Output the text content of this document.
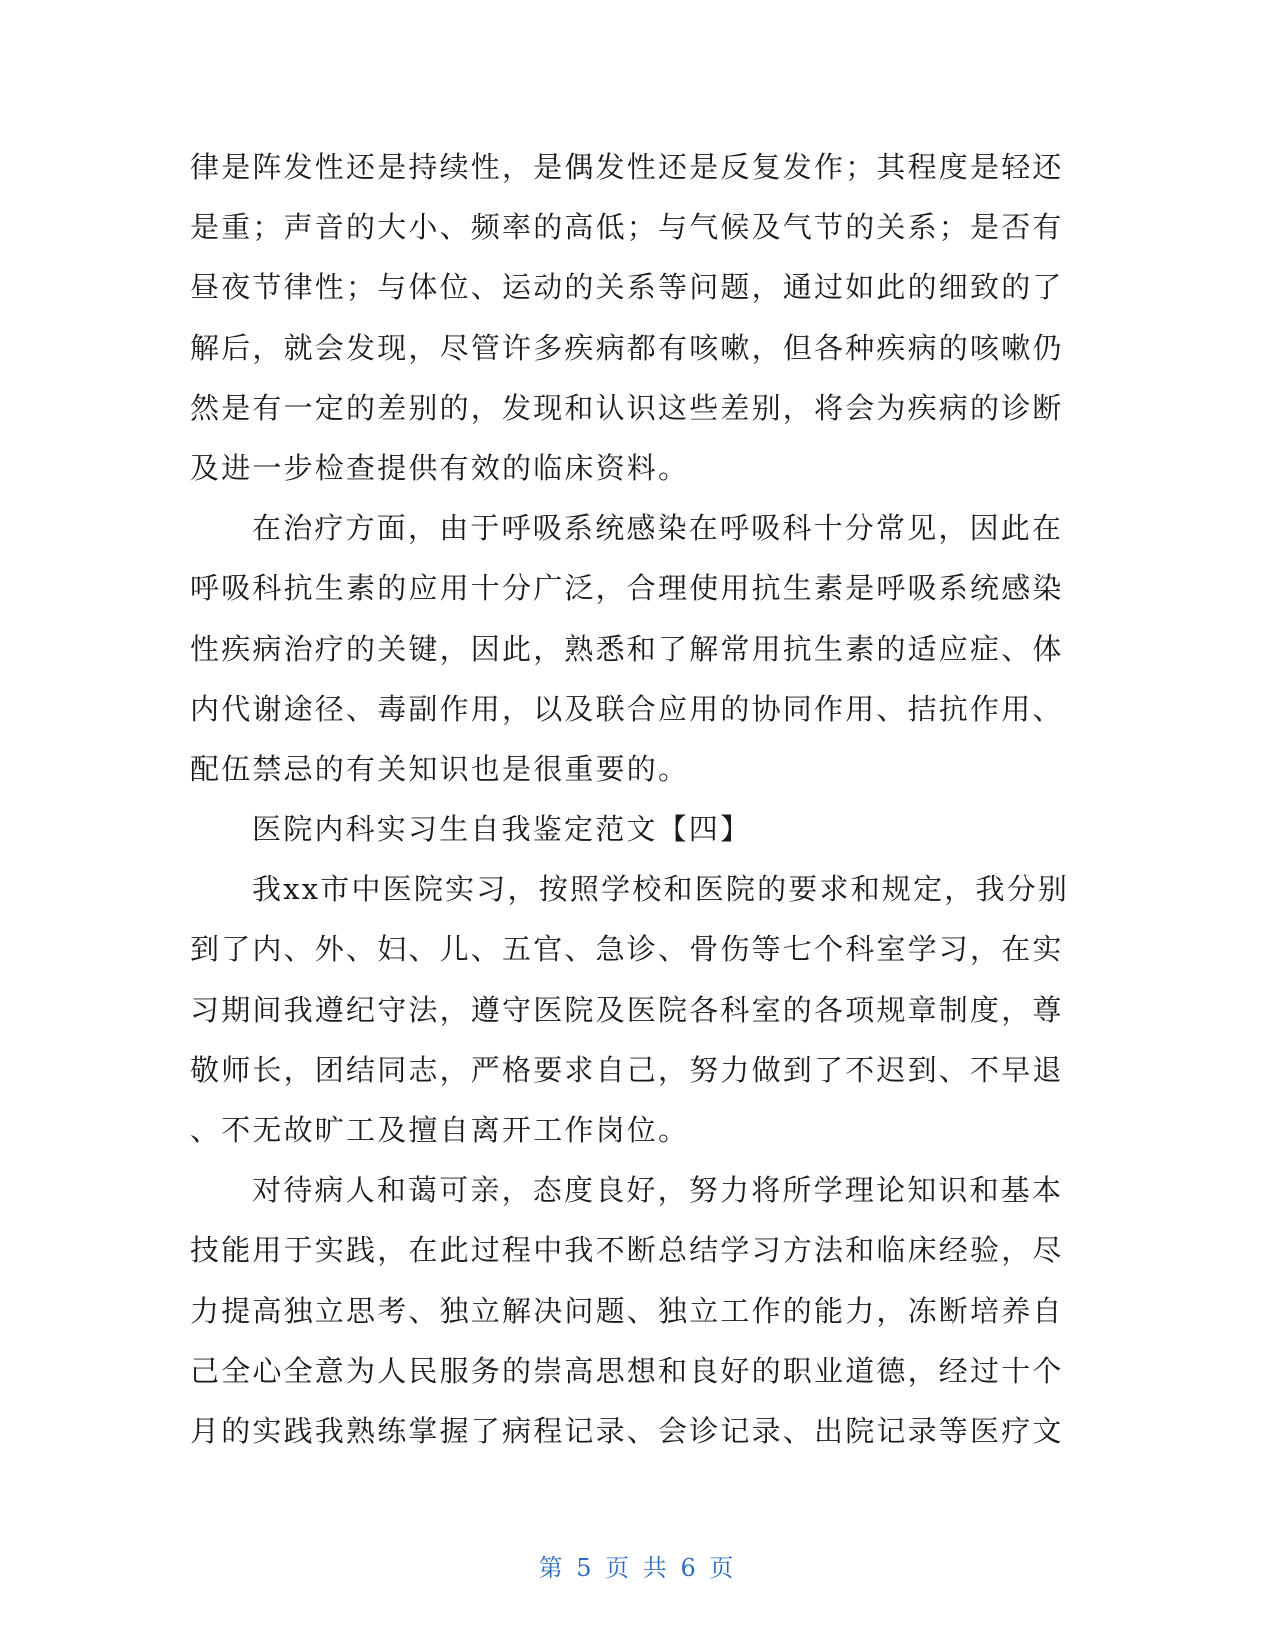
律是阵发性还是持续性，是偶发性还是反复发作；其程度是轻还
是重；声音的大小、频率的高低；与气候及气节的关系；是否有
昼夜节律性；与体位、运动的关系等问题，通过如此的细致的了
解后，就会发现，尽管许多疾病都有咳嗽，但各种疾病的咳嗽仍
然是有一定的差别的，发现和认识这些差别，将会为疾病的诊断
及进一步检查提供有效的临床资料。
在治疗方面，由于呼吸系统感染在呼吸科十分常见，因此在
呼吸科抗生素的应用十分广泛，合理使用抗生素是呼吸系统感染
性疾病治疗的关键，因此，熟悉和了解常用抗生素的适应症、体
内代谢途径、毒副作用，以及联合应用的协同作用、拮抗作用、
配伍禁忌的有关知识也是很重要的。
医院内科实习生自我鉴定范文【四】
我xx市中医院实习，按照学校和医院的要求和规定，我分别
到了内、外、妇、儿、五官、急诊、骨伤等七个科室学习，在实
习期间我遵纪守法，遵守医院及医院各科室的各项规章制度，尊
敬师长，团结同志，严格要求自己，努力做到了不迟到、不早退
、不无故旷工及擅自离开工作岗位。
对待病人和蔼可亲，态度良好，努力将所学理论知识和基本
技能用于实践，在此过程中我不断总结学习方法和临床经验，尽
力提高独立思考、独立解决问题、独立工作的能力，冻断培养自
己全心全意为人民服务的崇高思想和良好的职业道德，经过十个
月的实践我熟练掌握了病程记录、会诊记录、出院记录等医疗文
第 5 页 共 6 页
